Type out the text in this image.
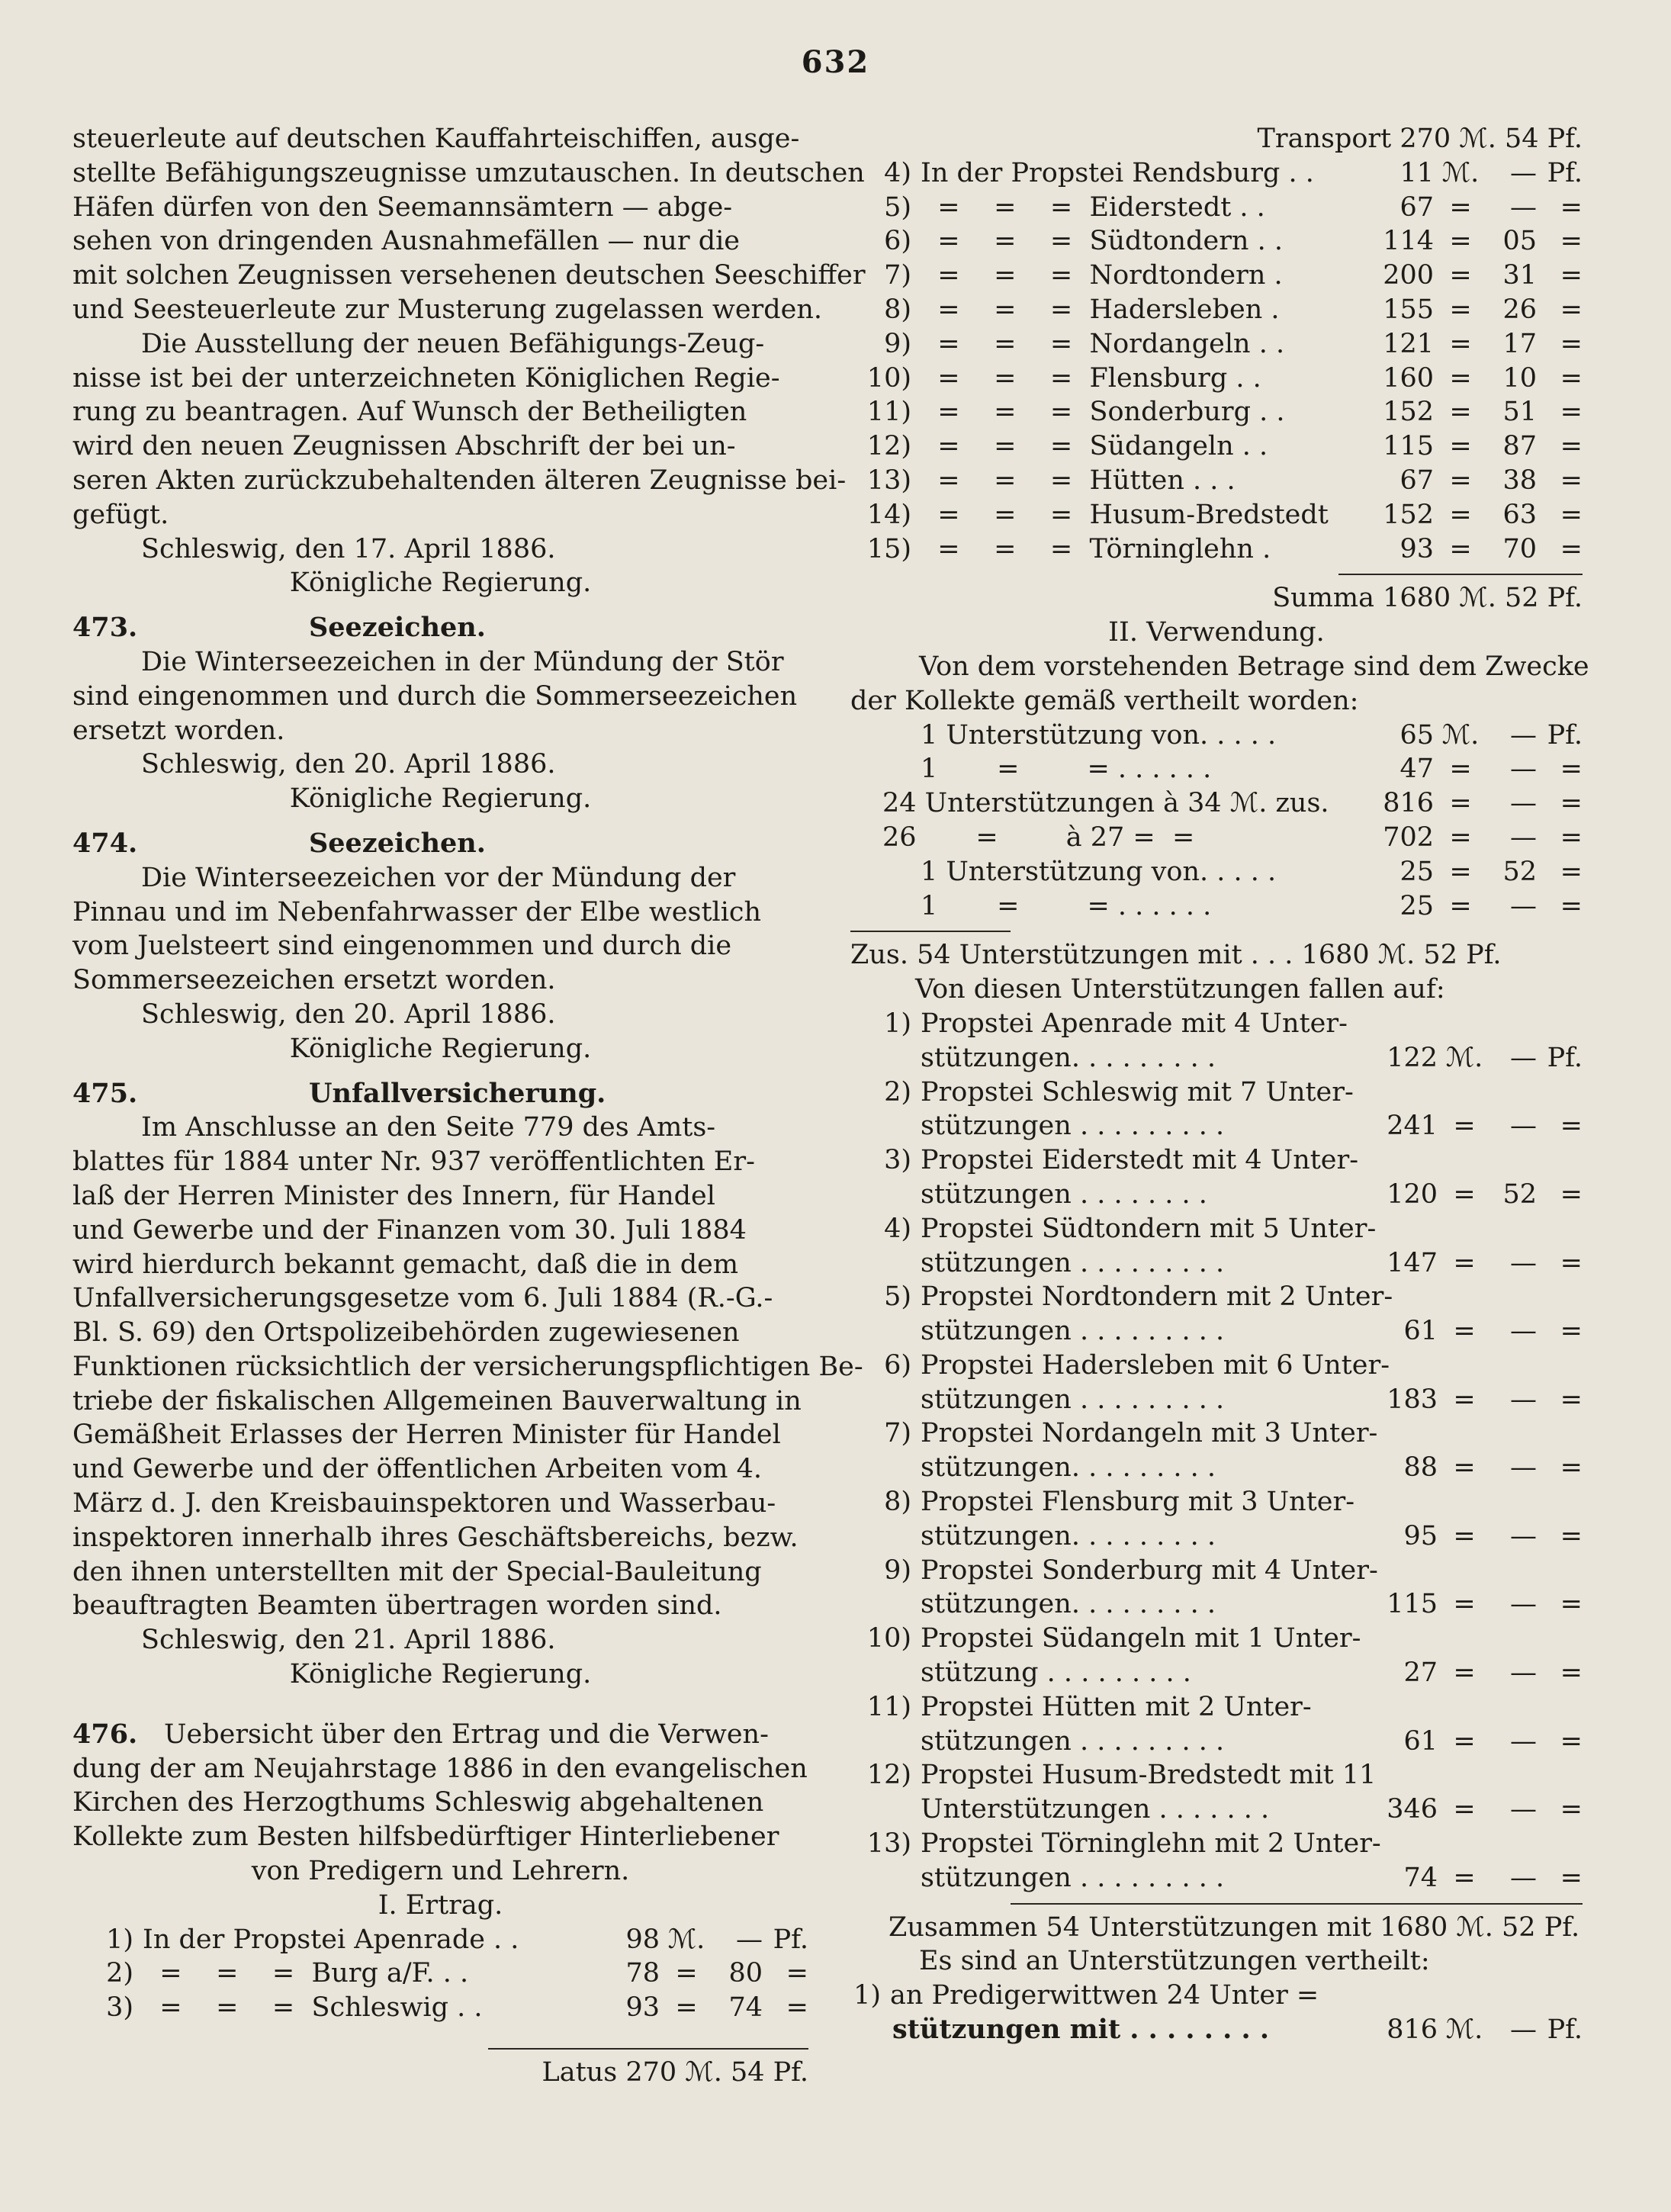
632
steuerleute auf deutschen Kauffahrteischiffen, ausge-
stellte Befähigungszeugnisse umzutauschen. In deutschen
Häfen dürfen von den Seemannsämtern — abge-
sehen von dringenden Ausnahmefällen — nur die
mit solchen Zeugnissen versehenen deutschen Seeschiffer
und Seesteuerleute zur Musterung zugelassen werden.
Die Ausstellung der neuen Befähigungs-Zeug-
nisse ist bei der unterzeichneten Königlichen Regie-
rung zu beantragen. Auf Wunsch der Betheiligten
wird den neuen Zeugnissen Abschrift der bei un-
seren Akten zurückzubehaltenden älteren Zeugnisse bei-
gefügt.
Schleswig, den 17. April 1886.
Königliche Regierung.
473.	Seezeichen.
Die Winterseezeichen in der Mündung der Stör
sind eingenommen und durch die Sommerseezeichen
ersetzt worden.
Schleswig, den 20. April 1886.
Königliche Regierung.
474.	Seezeichen.
Die Winterseezeichen vor der Mündung der
Pinnau und im Nebenfahrwasser der Elbe westlich
vom Juelsteert sind eingenommen und durch die
Sommerseezeichen ersetzt worden.
Schleswig, den 20. April 1886.
Königliche Regierung.
475.	Unfallversicherung.
Im Anschlusse an den Seite 779 des Amts-
blattes für 1884 unter Nr. 937 veröffentlichten Er-
laß der Herren Minister des Innern, für Handel
und Gewerbe und der Finanzen vom 30. Juli 1884
wird hierdurch bekannt gemacht, daß die in dem
Unfallversicherungsgesetze vom 6. Juli 1884 (R.-G.-
Bl. S. 69) den Ortspolizeibehörden zugewiesenen
Funktionen rücksichtlich der versicherungspflichtigen Be-
triebe der fiskalischen Allgemeinen Bauverwaltung in
Gemäßheit Erlasses der Herren Minister für Handel
und Gewerbe und der öffentlichen Arbeiten vom 4.
März d. J. den Kreisbauinspektoren und Wasserbau-
inspektoren innerhalb ihres Geschäftsbereichs, bezw.
den ihnen unterstellten mit der Special-Bauleitung
beauftragten Beamten übertragen worden sind.
Schleswig, den 21. April 1886.
Königliche Regierung.
476. Uebersicht über den Ertrag und die Verwen-
dung der am Neujahrstage 1886 in den evangelischen
Kirchen des Herzogthums Schleswig abgehaltenen
Kollekte zum Besten hilfsbedürftiger Hinterliebener
von Predigern und Lehrern.
I. Ertrag.
1) In der Propstei Apenrade . .	98 ℳ.	— Pf.
2) =    =    =  Burg a/F. . .	78 =	80 =
3) =    =    =  Schleswig . .	93 =	74 =
Latus 270 ℳ. 54 Pf.
Transport 270 ℳ. 54 Pf.
4) In der Propstei Rendsburg . .	11 ℳ.	— Pf.
5) =    =    =  Eiderstedt . .	67 =	— =
6) =    =    =  Südtondern . .	114 =	05 =
7) =    =    =  Nordtondern .	200 =	31 =
8) =    =    =  Hadersleben .	155 =	26 =
9) =    =    =  Nordangeln . .	121 =	17 =
10) =    =    =  Flensburg . .	160 =	10 =
11) =    =    =  Sonderburg . .	152 =	51 =
12) =    =    =  Südangeln . .	115 =	87 =
13) =    =    =  Hütten . . .	67 =	38 =
14) =    =    =  Husum-Bredstedt	152 =	63 =
15) =    =    =  Törninglehn .	93 =	70 =
Summa 1680 ℳ. 52 Pf.
II. Verwendung.
Von dem vorstehenden Betrage sind dem Zwecke
der Kollekte gemäß vertheilt worden:
1 Unterstützung von. . . . .	65 ℳ.	— Pf.
1       =        = . . . . . .	47 =	— =
24 Unterstützungen à 34 ℳ. zus.	816 =	— =
26       =        à 27 =  =	702 =	— =
1 Unterstützung von. . . . .	25 =	52 =
1       =        = . . . . . .	25 =	— =
Zus. 54 Unterstützungen mit . . . 1680 ℳ. 52 Pf.
Von diesen Unterstützungen fallen auf:
1) Propstei Apenrade mit 4 Unter-
stützungen. . . . . . . . .	122 ℳ.	— Pf.
2) Propstei Schleswig mit 7 Unter-
stützungen . . . . . . . . .	241 =	— =
3) Propstei Eiderstedt mit 4 Unter-
stützungen . . . . . . . .	120 =	52 =
4) Propstei Südtondern mit 5 Unter-
stützungen . . . . . . . . .	147 =	— =
5) Propstei Nordtondern mit 2 Unter-
stützungen . . . . . . . . .	61 =	— =
6) Propstei Hadersleben mit 6 Unter-
stützungen . . . . . . . . .	183 =	— =
7) Propstei Nordangeln mit 3 Unter-
stützungen. . . . . . . . .	88 =	— =
8) Propstei Flensburg mit 3 Unter-
stützungen. . . . . . . . .	95 =	— =
9) Propstei Sonderburg mit 4 Unter-
stützungen. . . . . . . . .	115 =	— =
10) Propstei Südangeln mit 1 Unter-
stützung . . . . . . . . .	27 =	— =
11) Propstei Hütten mit 2 Unter-
stützungen . . . . . . . . .	61 =	— =
12) Propstei Husum-Bredstedt mit 11
Unterstützungen . . . . . . .	346 =	— =
13) Propstei Törninglehn mit 2 Unter-
stützungen . . . . . . . . .	74 =	— =
Zusammen 54 Unterstützungen mit 1680 ℳ. 52 Pf.
Es sind an Unterstützungen vertheilt:
1) an Predigerwittwen 24 Unter =
stützungen mit . . . . . . . .	816 ℳ.	— Pf.
